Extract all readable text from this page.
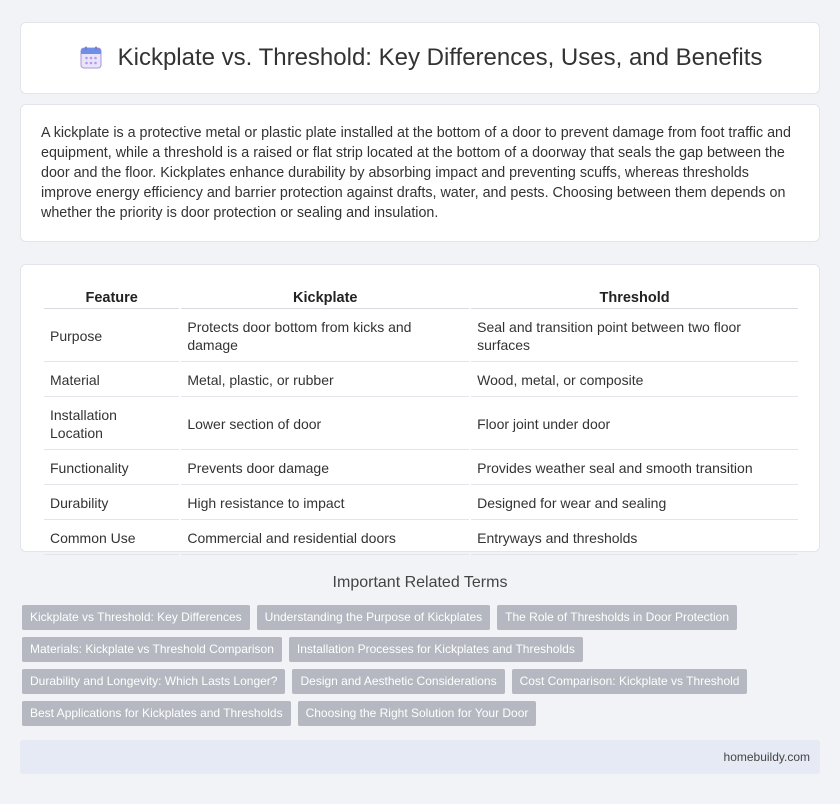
Kickplate vs. Threshold: Key Differences, Uses, and Benefits

A kickplate is a protective metal or plastic plate installed at the bottom of a door to prevent damage from foot traffic and equipment, while a threshold is a raised or flat strip located at the bottom of a doorway that seals the gap between the door and the floor. Kickplates enhance durability by absorbing impact and preventing scuffs, whereas thresholds improve energy efficiency and barrier protection against drafts, water, and pests. Choosing between them depends on whether the priority is door protection or sealing and insulation.

Feature	Kickplate	Threshold
Purpose	Protects door bottom from kicks and damage	Seal and transition point between two floor surfaces
Material	Metal, plastic, or rubber	Wood, metal, or composite
Installation Location	Lower section of door	Floor joint under door
Functionality	Prevents door damage	Provides weather seal and smooth transition
Durability	High resistance to impact	Designed for wear and sealing
Common Use	Commercial and residential doors	Entryways and thresholds
Important Related Terms
Kickplate vs Threshold: Key Differences	Understanding the Purpose of Kickplates	The Role of Thresholds in Door Protection
Materials: Kickplate vs Threshold Comparison	Installation Processes for Kickplates and Thresholds
Durability and Longevity: Which Lasts Longer?	Design and Aesthetic Considerations	Cost Comparison: Kickplate vs Threshold
Best Applications for Kickplates and Thresholds	Choosing the Right Solution for Your Door
homebuildy.com
